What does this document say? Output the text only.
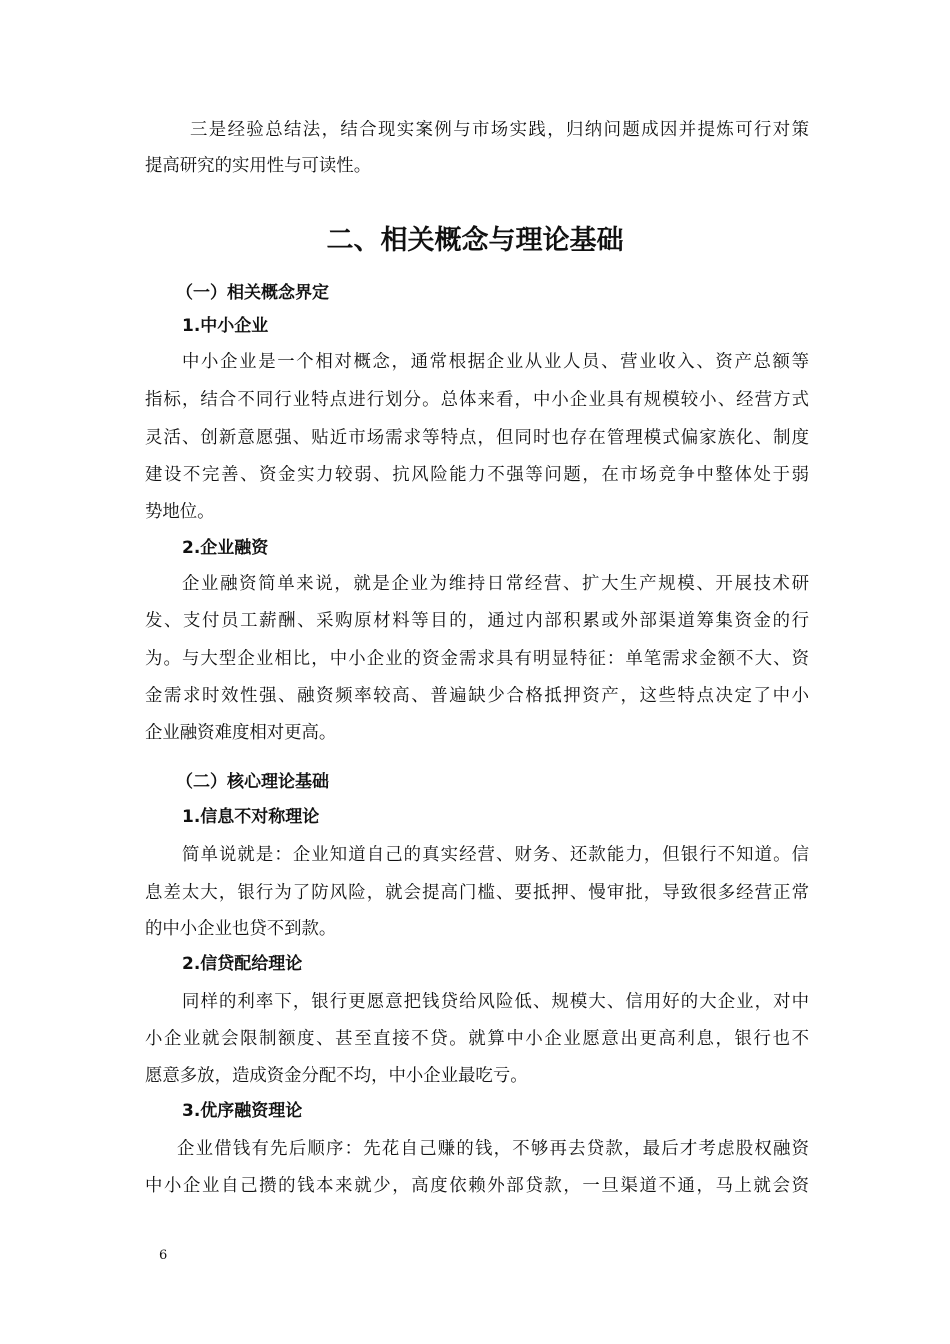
三是经验总结法，结合现实案例与市场实践，归纳问题成因并提炼可行对策
提高研究的实用性与可读性。
二、相关概念与理论基础
（一）相关概念界定
1.中小企业
中小企业是一个相对概念，通常根据企业从业人员、营业收入、资产总额等
指标，结合不同行业特点进行划分。总体来看，中小企业具有规模较小、经营方式
灵活、创新意愿强、贴近市场需求等特点，但同时也存在管理模式偏家族化、制度
建设不完善、资金实力较弱、抗风险能力不强等问题，在市场竞争中整体处于弱
势地位。
2.企业融资
企业融资简单来说，就是企业为维持日常经营、扩大生产规模、开展技术研
发、支付员工薪酬、采购原材料等目的，通过内部积累或外部渠道筹集资金的行
为。与大型企业相比，中小企业的资金需求具有明显特征：单笔需求金额不大、资
金需求时效性强、融资频率较高、普遍缺少合格抵押资产，这些特点决定了中小
企业融资难度相对更高。
（二）核心理论基础
1.信息不对称理论
简单说就是：企业知道自己的真实经营、财务、还款能力，但银行不知道。信
息差太大，银行为了防风险，就会提高门槛、要抵押、慢审批，导致很多经营正常
的中小企业也贷不到款。
2.信贷配给理论
同样的利率下，银行更愿意把钱贷给风险低、规模大、信用好的大企业，对中
小企业就会限制额度、甚至直接不贷。就算中小企业愿意出更高利息，银行也不
愿意多放，造成资金分配不均，中小企业最吃亏。
3.优序融资理论
企业借钱有先后顺序：先花自己赚的钱，不够再去贷款，最后才考虑股权融资
中小企业自己攒的钱本来就少，高度依赖外部贷款，一旦渠道不通，马上就会资
6
